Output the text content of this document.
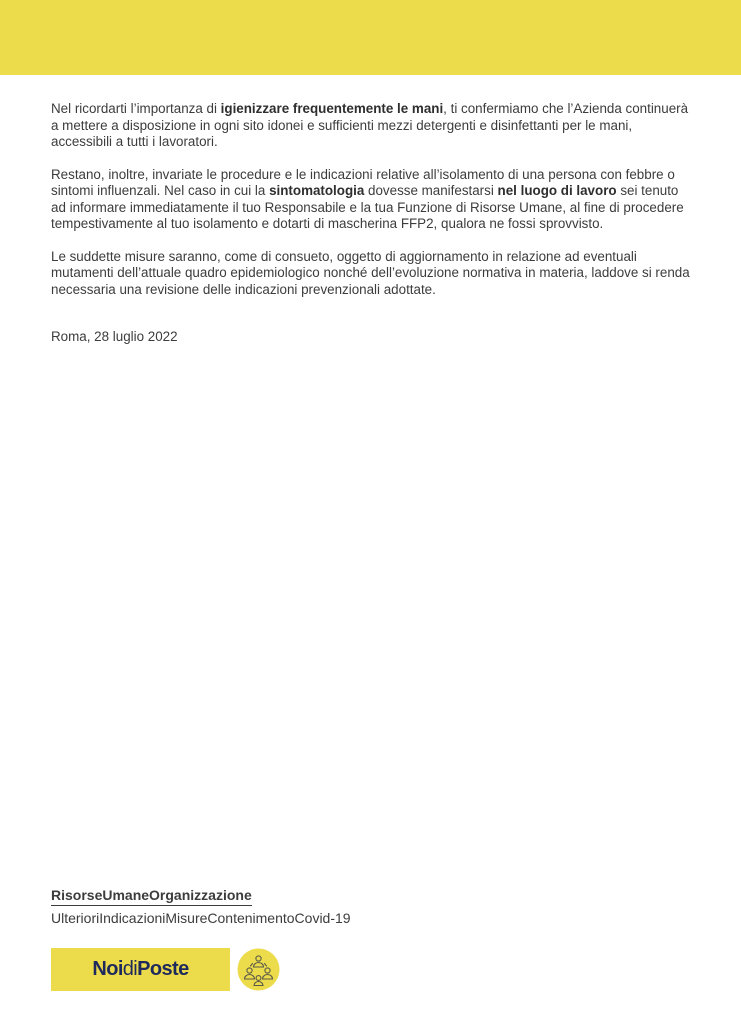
Nel ricordarti l’importanza di igienizzare frequentemente le mani, ti confermiamo che l’Azienda continuerà a mettere a disposizione in ogni sito idonei e sufficienti mezzi detergenti e disinfettanti per le mani, accessibili a tutti i lavoratori.

Restano, inoltre, invariate le procedure e le indicazioni relative all’isolamento di una persona con febbre o sintomi influenzali. Nel caso in cui la sintomatologia dovesse manifestarsi nel luogo di lavoro sei tenuto ad informare immediatamente il tuo Responsabile e la tua Funzione di Risorse Umane, al fine di procedere tempestivamente al tuo isolamento e dotarti di mascherina FFP2, qualora ne fossi sprovvisto.

Le suddette misure saranno, come di consueto, oggetto di aggiornamento in relazione ad eventuali mutamenti dell’attuale quadro epidemiologico nonché dell’evoluzione normativa in materia, laddove si renda necessaria una revisione delle indicazioni prevenzionali adottate.

Roma, 28 luglio 2022
RisorseUmaneOrganizzazione
UlterioriIndicazioniMisureContenimentoCovid-19
NoidiPoste
